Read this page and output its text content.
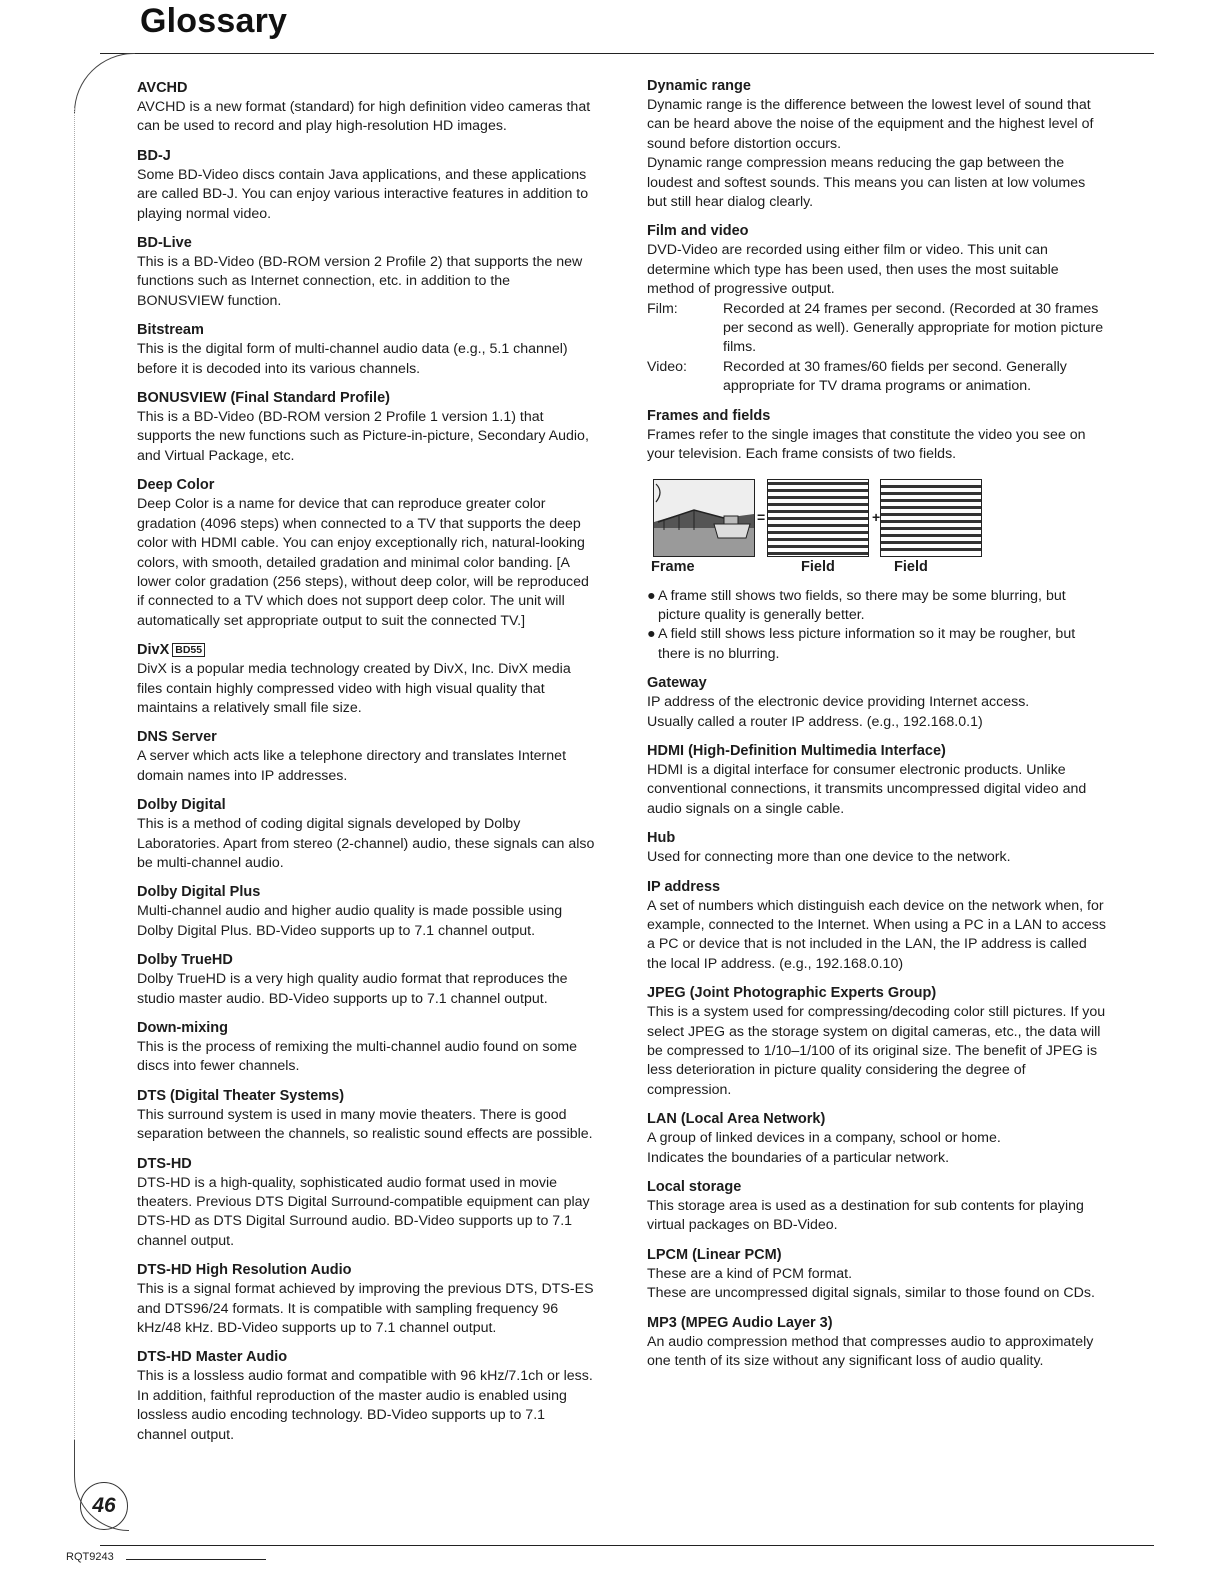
Glossary
AVCHD

AVCHD is a new format (standard) for high definition video cameras that can be used to record and play high-resolution HD images.

BD-J

Some BD-Video discs contain Java applications, and these applications are called BD-J. You can enjoy various interactive features in addition to playing normal video.

BD-Live

This is a BD-Video (BD-ROM version 2 Profile 2) that supports the new functions such as Internet connection, etc. in addition to the BONUSVIEW function.

Bitstream

This is the digital form of multi-channel audio data (e.g., 5.1 channel) before it is decoded into its various channels.

BONUSVIEW (Final Standard Profile)

This is a BD-Video (BD-ROM version 2 Profile 1 version 1.1) that supports the new functions such as Picture-in-picture, Secondary Audio, and Virtual Package, etc.

Deep Color

Deep Color is a name for device that can reproduce greater color gradation (4096 steps) when connected to a TV that supports the deep color with HDMI cable. You can enjoy exceptionally rich, natural-looking colors, with smooth, detailed gradation and minimal color banding. [A lower color gradation (256 steps), without deep color, will be reproduced if connected to a TV which does not support deep color. The unit will automatically set appropriate output to suit the connected TV.]

DivX BD55

DivX is a popular media technology created by DivX, Inc. DivX media files contain highly compressed video with high visual quality that maintains a relatively small file size.

DNS Server

A server which acts like a telephone directory and translates Internet domain names into IP addresses.

Dolby Digital

This is a method of coding digital signals developed by Dolby Laboratories. Apart from stereo (2-channel) audio, these signals can also be multi-channel audio.

Dolby Digital Plus

Multi-channel audio and higher audio quality is made possible using Dolby Digital Plus. BD-Video supports up to 7.1 channel output.

Dolby TrueHD

Dolby TrueHD is a very high quality audio format that reproduces the studio master audio. BD-Video supports up to 7.1 channel output.

Down-mixing

This is the process of remixing the multi-channel audio found on some discs into fewer channels.

DTS (Digital Theater Systems)

This surround system is used in many movie theaters. There is good separation between the channels, so realistic sound effects are possible.

DTS-HD

DTS-HD is a high-quality, sophisticated audio format used in movie theaters. Previous DTS Digital Surround-compatible equipment can play DTS-HD as DTS Digital Surround audio. BD-Video supports up to 7.1 channel output.

DTS-HD High Resolution Audio

This is a signal format achieved by improving the previous DTS, DTS-ES and DTS96/24 formats. It is compatible with sampling frequency 96 kHz/48 kHz. BD-Video supports up to 7.1 channel output.

DTS-HD Master Audio

This is a lossless audio format and compatible with 96 kHz/7.1ch or less. In addition, faithful reproduction of the master audio is enabled using lossless audio encoding technology. BD-Video supports up to 7.1 channel output.

Dynamic range

Dynamic range is the difference between the lowest level of sound that can be heard above the noise of the equipment and the highest level of sound before distortion occurs.

Dynamic range compression means reducing the gap between the loudest and softest sounds. This means you can listen at low volumes but still hear dialog clearly.

Film and video

DVD-Video are recorded using either film or video. This unit can determine which type has been used, then uses the most suitable method of progressive output.

Film:	Recorded at 24 frames per second. (Recorded at 30 frames per second as well). Generally appropriate for motion picture films.
Video:	Recorded at 30 frames/60 fields per second. Generally appropriate for TV drama programs or animation.
Frames and fields

Frames refer to the single images that constitute the video you see on your television. Each frame consists of two fields.

=	+
Frame	Field	Field
● A frame still shows two fields, so there may be some blurring, but picture quality is generally better.
● A field still shows less picture information so it may be rougher, but there is no blurring.
Gateway

IP address of the electronic device providing Internet access.

Usually called a router IP address. (e.g., 192.168.0.1)

HDMI (High-Definition Multimedia Interface)

HDMI is a digital interface for consumer electronic products. Unlike conventional connections, it transmits uncompressed digital video and audio signals on a single cable.

Hub

Used for connecting more than one device to the network.

IP address

A set of numbers which distinguish each device on the network when, for example, connected to the Internet. When using a PC in a LAN to access a PC or device that is not included in the LAN, the IP address is called the local IP address. (e.g., 192.168.0.10)

JPEG (Joint Photographic Experts Group)

This is a system used for compressing/decoding color still pictures. If you select JPEG as the storage system on digital cameras, etc., the data will be compressed to 1/10–1/100 of its original size. The benefit of JPEG is less deterioration in picture quality considering the degree of compression.

LAN (Local Area Network)

A group of linked devices in a company, school or home.

Indicates the boundaries of a particular network.

Local storage

This storage area is used as a destination for sub contents for playing virtual packages on BD-Video.

LPCM (Linear PCM)

These are a kind of PCM format.

These are uncompressed digital signals, similar to those found on CDs.

MP3 (MPEG Audio Layer 3)

An audio compression method that compresses audio to approximately one tenth of its size without any significant loss of audio quality.

46
RQT9243
